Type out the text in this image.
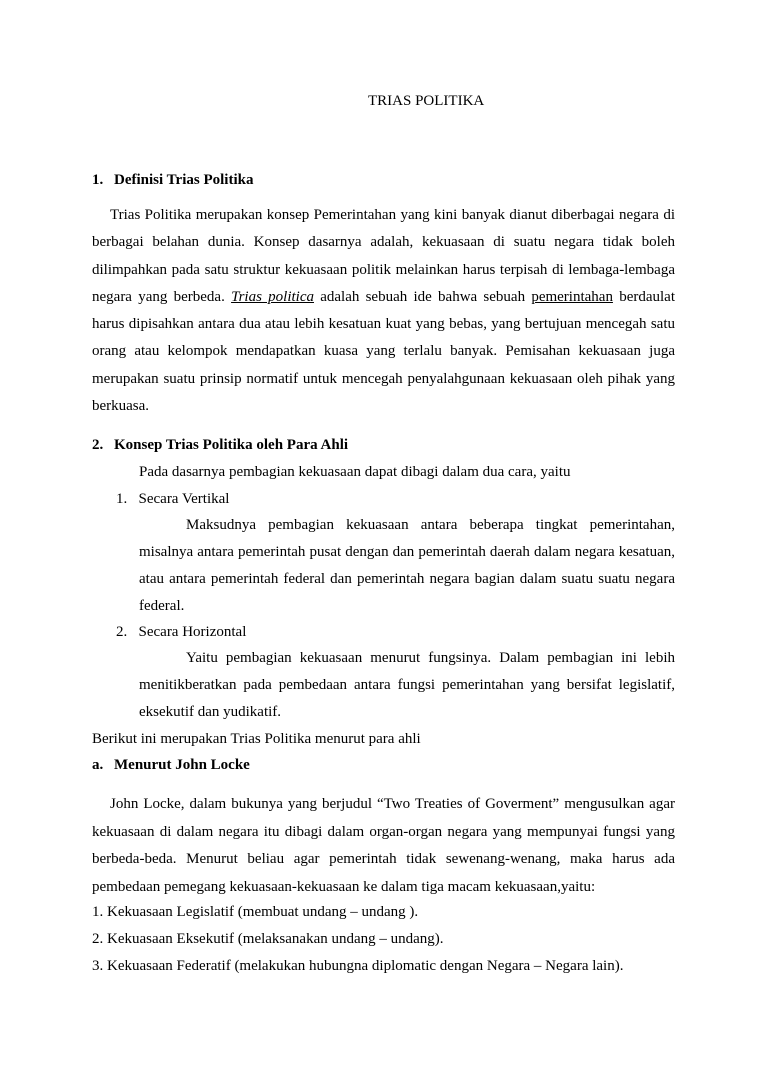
TRIAS POLITIKA
1. Definisi Trias Politika
Trias Politika merupakan konsep Pemerintahan yang kini banyak dianut diberbagai negara di berbagai belahan dunia. Konsep dasarnya adalah, kekuasaan di suatu negara tidak boleh dilimpahkan pada satu struktur kekuasaan politik melainkan harus terpisah di lembaga-lembaga negara yang berbeda. Trias politica adalah sebuah ide bahwa sebuah pemerintahan berdaulat harus dipisahkan antara dua atau lebih kesatuan kuat yang bebas, yang bertujuan mencegah satu orang atau kelompok mendapatkan kuasa yang terlalu banyak. Pemisahan kekuasaan juga merupakan suatu prinsip normatif untuk mencegah penyalahgunaan kekuasaan oleh pihak yang berkuasa.
2. Konsep Trias Politika oleh Para Ahli
Pada dasarnya pembagian kekuasaan dapat dibagi dalam dua cara, yaitu
1. Secara Vertikal
Maksudnya pembagian kekuasaan antara beberapa tingkat pemerintahan, misalnya antara pemerintah pusat dengan dan pemerintah daerah dalam negara kesatuan, atau antara pemerintah federal dan pemerintah negara bagian dalam suatu suatu negara federal.
2. Secara Horizontal
Yaitu pembagian kekuasaan menurut fungsinya. Dalam pembagian ini lebih menitikberatkan pada pembedaan antara fungsi pemerintahan yang bersifat legislatif, eksekutif dan yudikatif.
Berikut ini merupakan Trias Politika menurut para ahli
a. Menurut John Locke
John Locke, dalam bukunya yang berjudul “Two Treaties of Goverment” mengusulkan agar kekuasaan di dalam negara itu dibagi dalam organ-organ negara yang mempunyai fungsi yang berbeda-beda. Menurut beliau agar pemerintah tidak sewenang-wenang, maka harus ada pembedaan pemegang kekuasaan-kekuasaan ke dalam tiga macam kekuasaan,yaitu:
1. Kekuasaan Legislatif (membuat undang – undang ).
2. Kekuasaan Eksekutif (melaksanakan undang – undang).
3. Kekuasaan Federatif (melakukan hubungna diplomatic dengan Negara – Negara lain).
